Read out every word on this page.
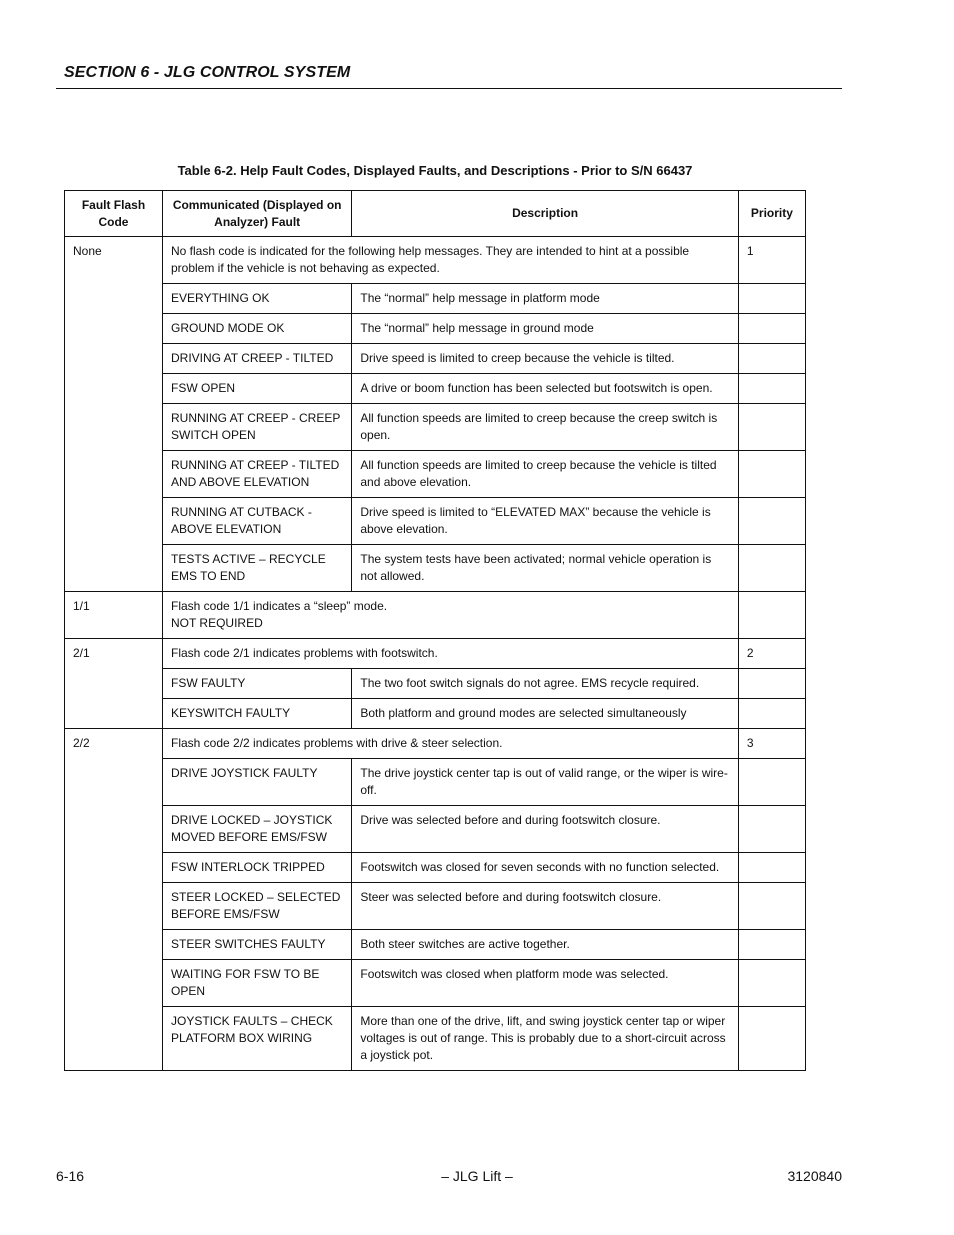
SECTION 6 - JLG CONTROL SYSTEM
Table 6-2. Help Fault Codes, Displayed Faults, and Descriptions - Prior to S/N 66437
Fault Flash
Code	Communicated (Displayed on
Analyzer) Fault	Description	Priority
None	No flash code is indicated for the following help messages. They are intended to hint at a possible problem if the vehicle is not behaving as expected.		1
	EVERYTHING OK	The “normal” help message in platform mode	
	GROUND MODE OK	The “normal” help message in ground mode	
	DRIVING AT CREEP - TILTED	Drive speed is limited to creep because the vehicle is tilted.	
	FSW OPEN	A drive or boom function has been selected but footswitch is open.	
	RUNNING AT CREEP - CREEP SWITCH OPEN	All function speeds are limited to creep because the creep switch is open.	
	RUNNING AT CREEP - TILTED AND ABOVE ELEVATION	All function speeds are limited to creep because the vehicle is tilted and above elevation.	
	RUNNING AT CUTBACK - ABOVE ELEVATION	Drive speed is limited to “ELEVATED MAX” because the vehicle is above elevation.	
	TESTS ACTIVE – RECYCLE EMS TO END	The system tests have been activated; normal vehicle operation is not allowed.	
1/1	Flash code 1/1 indicates a “sleep” mode.
NOT REQUIRED		
2/1	Flash code 2/1 indicates problems with footswitch.		2
	FSW FAULTY	The two foot switch signals do not agree. EMS recycle required.	
	KEYSWITCH FAULTY	Both platform and ground modes are selected simultaneously	
2/2	Flash code 2/2 indicates problems with drive & steer selection.		3
	DRIVE JOYSTICK FAULTY	The drive joystick center tap is out of valid range, or the wiper is wire-off.	
	DRIVE LOCKED – JOYSTICK MOVED BEFORE EMS/FSW	Drive was selected before and during footswitch closure.	
	FSW INTERLOCK TRIPPED	Footswitch was closed for seven seconds with no function selected.	
	STEER LOCKED – SELECTED BEFORE EMS/FSW	Steer was selected before and during footswitch closure.	
	STEER SWITCHES FAULTY	Both steer switches are active together.	
	WAITING FOR FSW TO BE OPEN	Footswitch was closed when platform mode was selected.	
	JOYSTICK FAULTS – CHECK PLATFORM BOX WIRING	More than one of the drive, lift, and swing joystick center tap or wiper voltages is out of range. This is probably due to a short-circuit across a joystick pot.	
6-16	– JLG Lift –	3120840
